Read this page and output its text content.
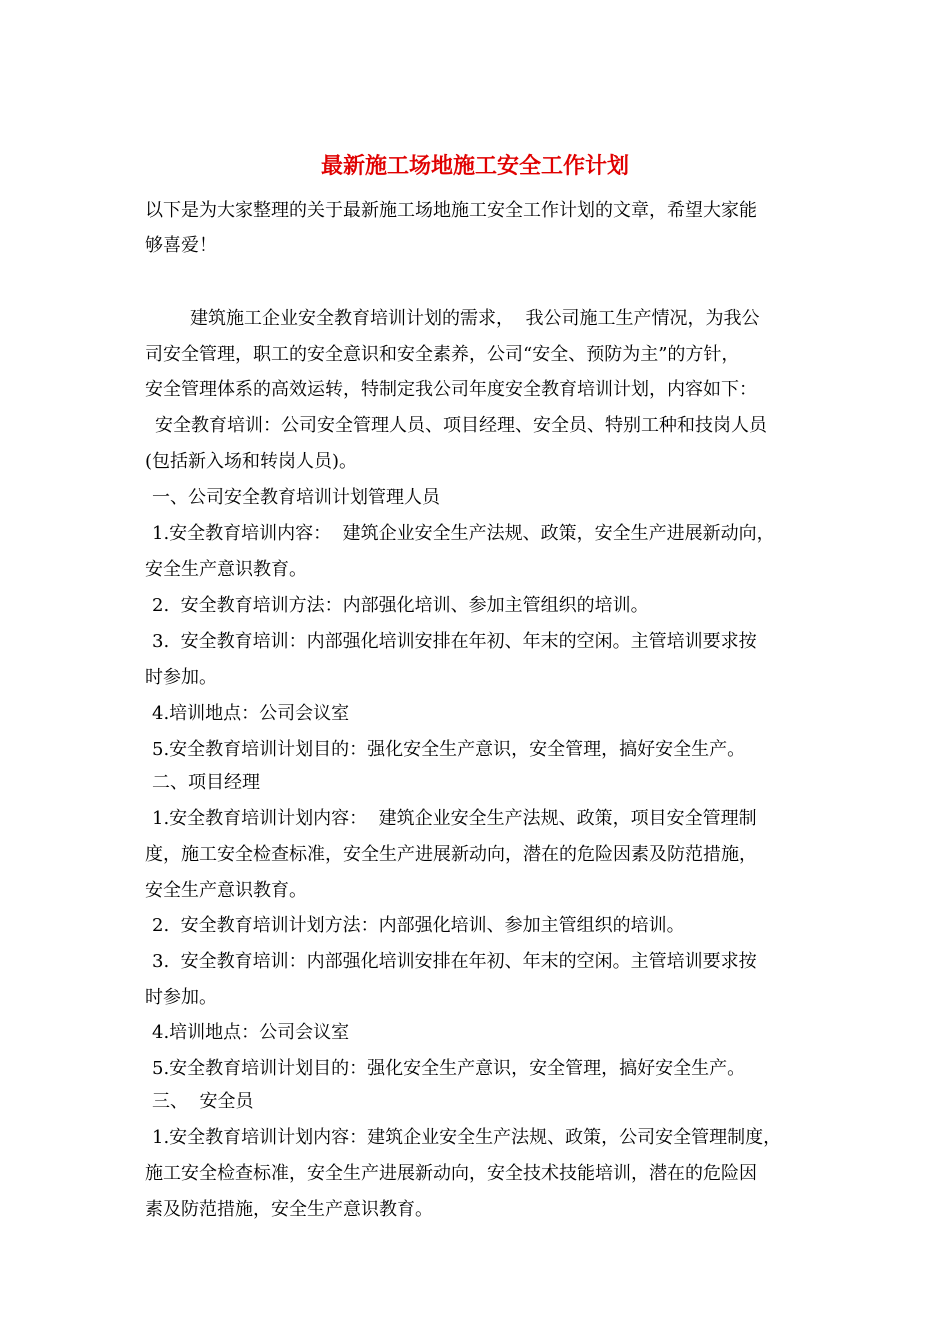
最新施工场地施工安全工作计划

以下是为大家整理的关于最新施工场地施工安全工作计划的文章，希望大家能

够喜爱！

建筑施工企业安全教育培训计划的需求，  我公司施工生产情况，为我公

司安全管理，职工的安全意识和安全素养，公司“安全、预防为主”的方针，

安全管理体系的高效运转，特制定我公司年度安全教育培训计划，内容如下：

安全教育培训：公司安全管理人员、项目经理、安全员、特别工种和技岗人员

(包括新入场和转岗人员)。

一、公司安全教育培训计划管理人员

1.安全教育培训内容：  建筑企业安全生产法规、政策，安全生产进展新动向，

安全生产意识教育。

2.  安全教育培训方法：内部强化培训、参加主管组织的培训。

3.  安全教育培训：内部强化培训安排在年初、年末的空闲。主管培训要求按

时参加。

4.培训地点：公司会议室

5.安全教育培训计划目的：强化安全生产意识，安全管理，搞好安全生产。

二、项目经理

1.安全教育培训计划内容：  建筑企业安全生产法规、政策，项目安全管理制

度，施工安全检查标准，安全生产进展新动向，潜在的危险因素及防范措施，

安全生产意识教育。

2.  安全教育培训计划方法：内部强化培训、参加主管组织的培训。

3.  安全教育培训：内部强化培训安排在年初、年末的空闲。主管培训要求按

时参加。

4.培训地点：公司会议室

5.安全教育培训计划目的：强化安全生产意识，安全管理，搞好安全生产。

三、  安全员

1.安全教育培训计划内容：建筑企业安全生产法规、政策，公司安全管理制度，

施工安全检查标准，安全生产进展新动向，安全技术技能培训，潜在的危险因

素及防范措施，安全生产意识教育。
